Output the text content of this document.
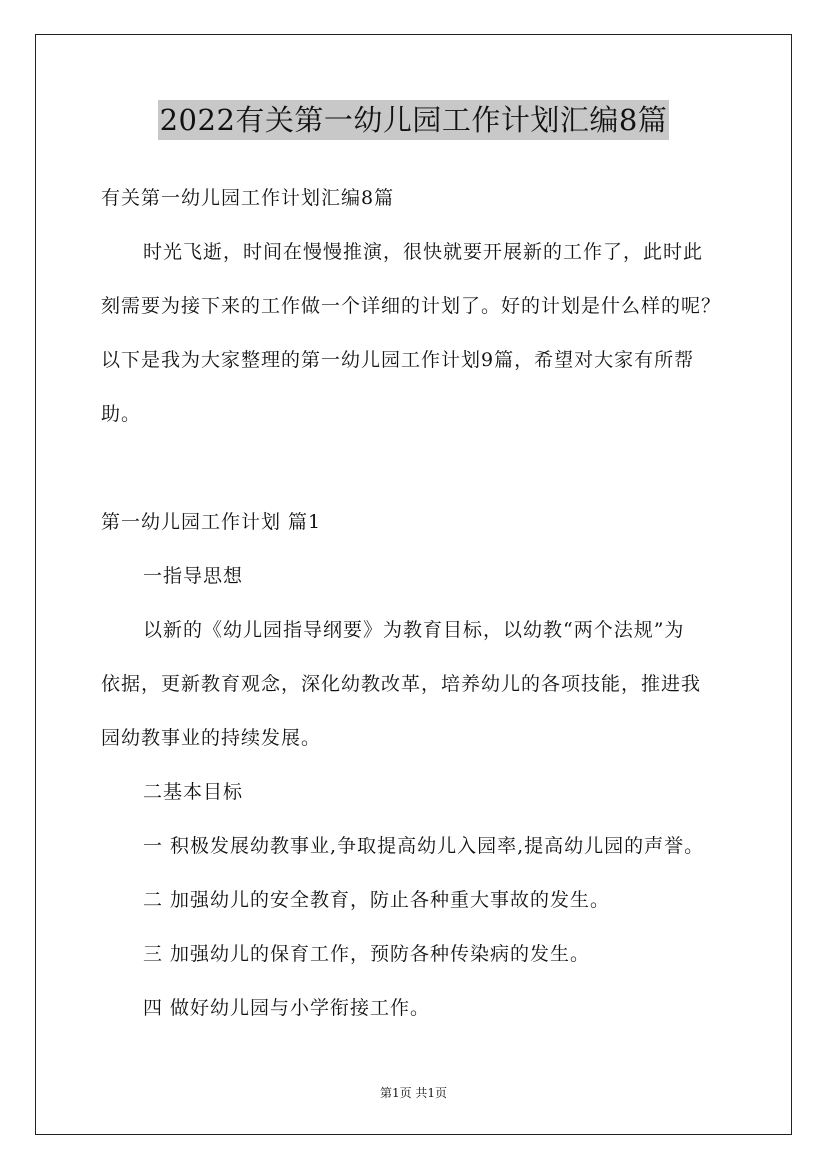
2022有关第一幼儿园工作计划汇编8篇
有关第一幼儿园工作计划汇编8篇
时光飞逝，时间在慢慢推演，很快就要开展新的工作了，此时此
刻需要为接下来的工作做一个详细的计划了。好的计划是什么样的呢？
以下是我为大家整理的第一幼儿园工作计划9篇，希望对大家有所帮
助。
第一幼儿园工作计划 篇1
一指导思想
以新的《幼儿园指导纲要》为教育目标，以幼教“两个法规”为
依据，更新教育观念，深化幼教改革，培养幼儿的各项技能，推进我
园幼教事业的持续发展。
二基本目标
一 积极发展幼教事业,争取提高幼儿入园率,提高幼儿园的声誉。
二 加强幼儿的安全教育，防止各种重大事故的发生。
三 加强幼儿的保育工作，预防各种传染病的发生。
四 做好幼儿园与小学衔接工作。
第1页 共1页
